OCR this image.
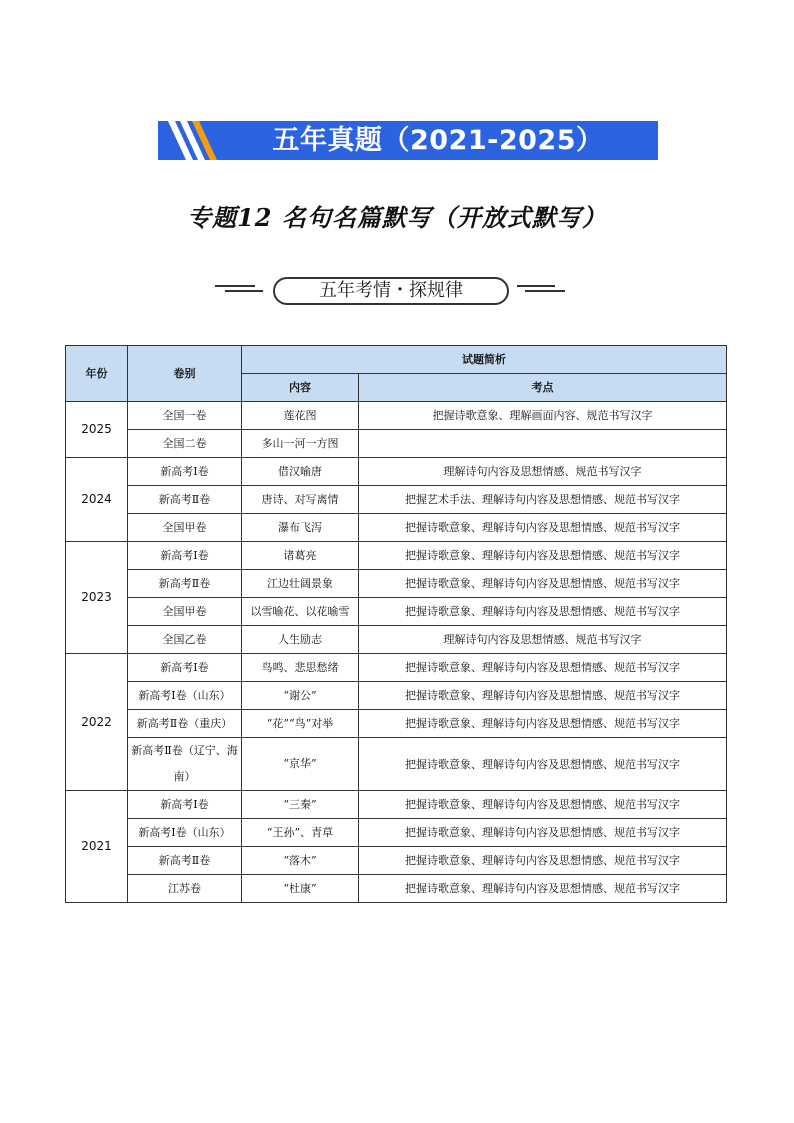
五年真题（2021-2025）
专题12 名句名篇默写（开放式默写）
五年考情・探规律
年份	卷别	试题简析	
		内容	考点
2025	全国一卷	莲花图	把握诗歌意象、理解画面内容、规范书写汉字
	全国二卷	多山一河一方图	
2024	新高考Ⅰ卷	借汉喻唐	理解诗句内容及思想情感、规范书写汉字
	新高考Ⅱ卷	唐诗、对写离情	把握艺术手法、理解诗句内容及思想情感、规范书写汉字
	全国甲卷	瀑布飞泻	把握诗歌意象、理解诗句内容及思想情感、规范书写汉字
2023	新高考Ⅰ卷	诸葛亮	把握诗歌意象、理解诗句内容及思想情感、规范书写汉字
	新高考Ⅱ卷	江边壮阔景象	把握诗歌意象、理解诗句内容及思想情感、规范书写汉字
	全国甲卷	以雪喻花、以花喻雪	把握诗歌意象、理解诗句内容及思想情感、规范书写汉字
	全国乙卷	人生励志	理解诗句内容及思想情感、规范书写汉字
2022	新高考Ⅰ卷	鸟鸣、悲思愁绪	把握诗歌意象、理解诗句内容及思想情感、规范书写汉字
	新高考Ⅰ卷（山东）	“谢公”	把握诗歌意象、理解诗句内容及思想情感、规范书写汉字
	新高考Ⅱ卷（重庆）	“花”“鸟”对举	把握诗歌意象、理解诗句内容及思想情感、规范书写汉字
	新高考Ⅱ卷（辽宁、海南）	“京华”	把握诗歌意象、理解诗句内容及思想情感、规范书写汉字
2021	新高考Ⅰ卷	“三秦”	把握诗歌意象、理解诗句内容及思想情感、规范书写汉字
	新高考Ⅰ卷（山东）	“王孙”、青草	把握诗歌意象、理解诗句内容及思想情感、规范书写汉字
	新高考Ⅱ卷	“落木”	把握诗歌意象、理解诗句内容及思想情感、规范书写汉字
	江苏卷	“杜康”	把握诗歌意象、理解诗句内容及思想情感、规范书写汉字
